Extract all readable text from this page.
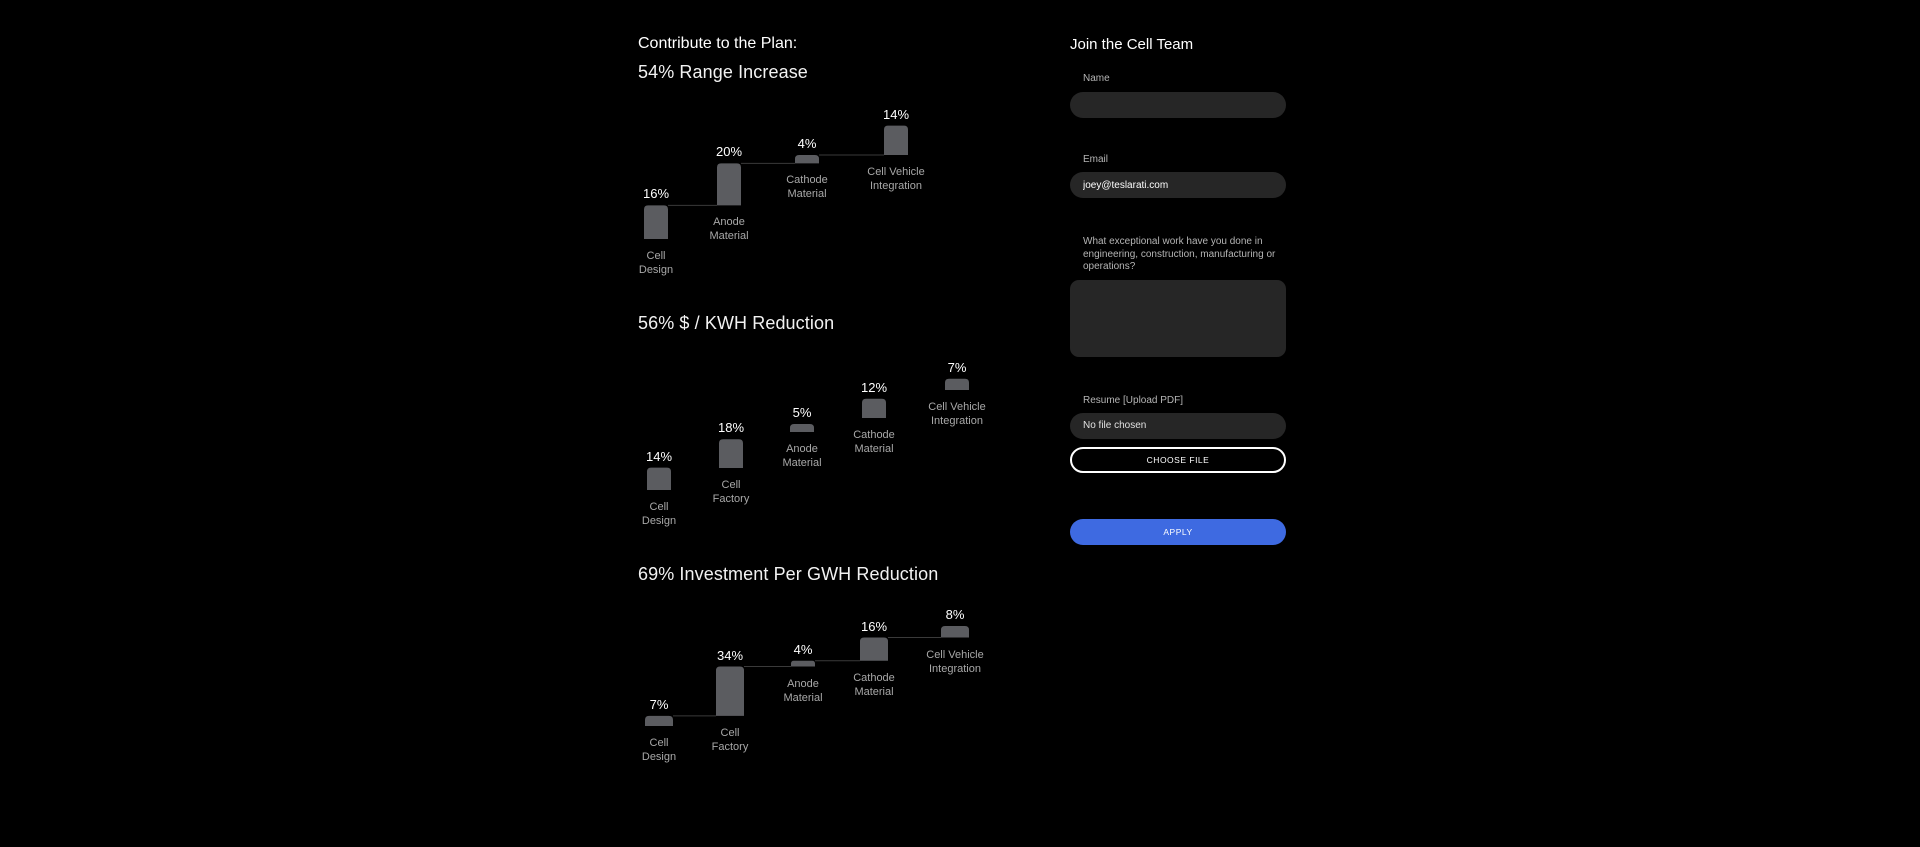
Contribute to the Plan:
54% Range Increase
16%
Cell
Design
20%
Anode
Material
4%
Cathode
Material
14%
Cell Vehicle
Integration
56% $ / KWH Reduction
14%
Cell
Design
18%
Cell
Factory
5%
Anode
Material
12%
Cathode
Material
7%
Cell Vehicle
Integration
69% Investment Per GWH Reduction
7%
Cell
Design
34%
Cell
Factory
4%
Anode
Material
16%
Cathode
Material
8%
Cell Vehicle
Integration
Join the Cell Team
Name
Email
joey@teslarati.com
What exceptional work have you done in engineering, construction, manufacturing or operations?
Resume [Upload PDF]
No file chosen
CHOOSE FILE APPLY
